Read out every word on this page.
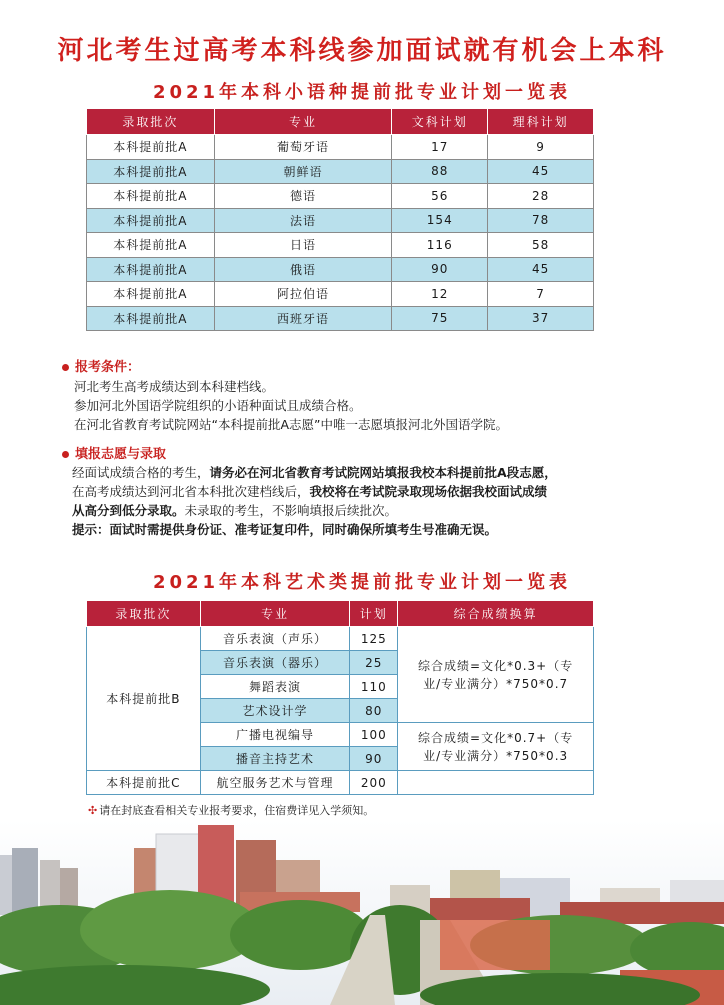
河北考生过高考本科线参加面试就有机会上本科
2021年本科小语种提前批专业计划一览表
录取批次	专业	文科计划	理科计划
本科提前批A	葡萄牙语	17	9
本科提前批A	朝鲜语	88	45
本科提前批A	德语	56	28
本科提前批A	法语	154	78
本科提前批A	日语	116	58
本科提前批A	俄语	90	45
本科提前批A	阿拉伯语	12	7
本科提前批A	西班牙语	75	37
报考条件：
河北考生高考成绩达到本科建档线。
参加河北外国语学院组织的小语种面试且成绩合格。
在河北省教育考试院网站“本科提前批A志愿”中唯一志愿填报河北外国语学院。
填报志愿与录取
经面试成绩合格的考生，请务必在河北省教育考试院网站填报我校本科提前批A段志愿，
在高考成绩达到河北省本科批次建档线后，我校将在考试院录取现场依据我校面试成绩
从高分到低分录取。未录取的考生，不影响填报后续批次。
提示：面试时需提供身份证、准考证复印件，同时确保所填考生号准确无误。
2021年本科艺术类提前批专业计划一览表
录取批次	专业	计划	综合成绩换算
本科提前批B	音乐表演（声乐）	125	综合成绩=文化*0.3+（专业/专业满分）*750*0.7
	音乐表演（器乐）	25	
	舞蹈表演	110	
	艺术设计学	80	
	广播电视编导	100	综合成绩=文化*0.7+（专业/专业满分）*750*0.3
	播音主持艺术	90	
本科提前批C	航空服务艺术与管理	200	
✣ 请在封底查看相关专业报考要求，住宿费详见入学须知。
